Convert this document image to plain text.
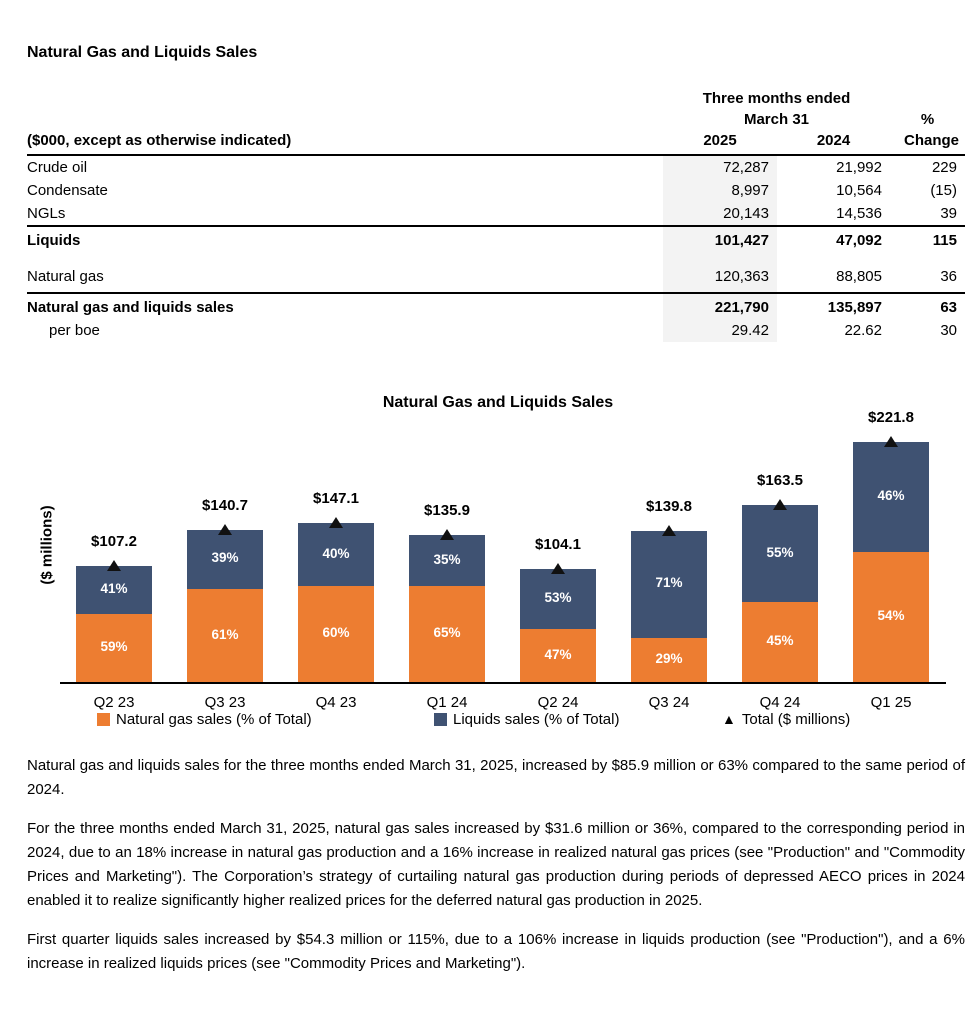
Natural Gas and Liquids Sales
	Three months ended		
	March 31		%
($000, except as otherwise indicated)	2025	2024	Change
Crude oil	72,287	21,992	229
Condensate	8,997	10,564	(15)
NGLs	20,143	14,536	39
Liquids	101,427	47,092	115
Natural gas	120,363	88,805	36
Natural gas and liquids sales	221,790	135,897	63
per boe	29.42	22.62	30
Natural Gas and Liquids Sales
($ millions)
59%
41%
$107.2
Q2 23
61%
39%
$140.7
Q3 23
60%
40%
$147.1
Q4 23
65%
35%
$135.9
Q1 24
47%
53%
$104.1
Q2 24
29%
71%
$139.8
Q3 24
45%
55%
$163.5
Q4 24
54%
46%
$221.8
Q1 25
Natural gas sales (% of Total)	Liquids sales (% of Total)	▲ Total ($ millions)

Natural gas and liquids sales for the three months ended March 31, 2025, increased by $85.9 million or 63% compared to the same period of 2024.

For the three months ended March 31, 2025, natural gas sales increased by $31.6 million or 36%, compared to the corresponding period in 2024, due to an 18% increase in natural gas production and a 16% increase in realized natural gas prices (see "Production" and "Commodity Prices and Marketing"). The Corporation’s strategy of curtailing natural gas production during periods of depressed AECO prices in 2024 enabled it to realize significantly higher realized prices for the deferred natural gas production in 2025.

First quarter liquids sales increased by $54.3 million or 115%, due to a 106% increase in liquids production (see "Production"), and a 6% increase in realized liquids prices (see "Commodity Prices and Marketing").
